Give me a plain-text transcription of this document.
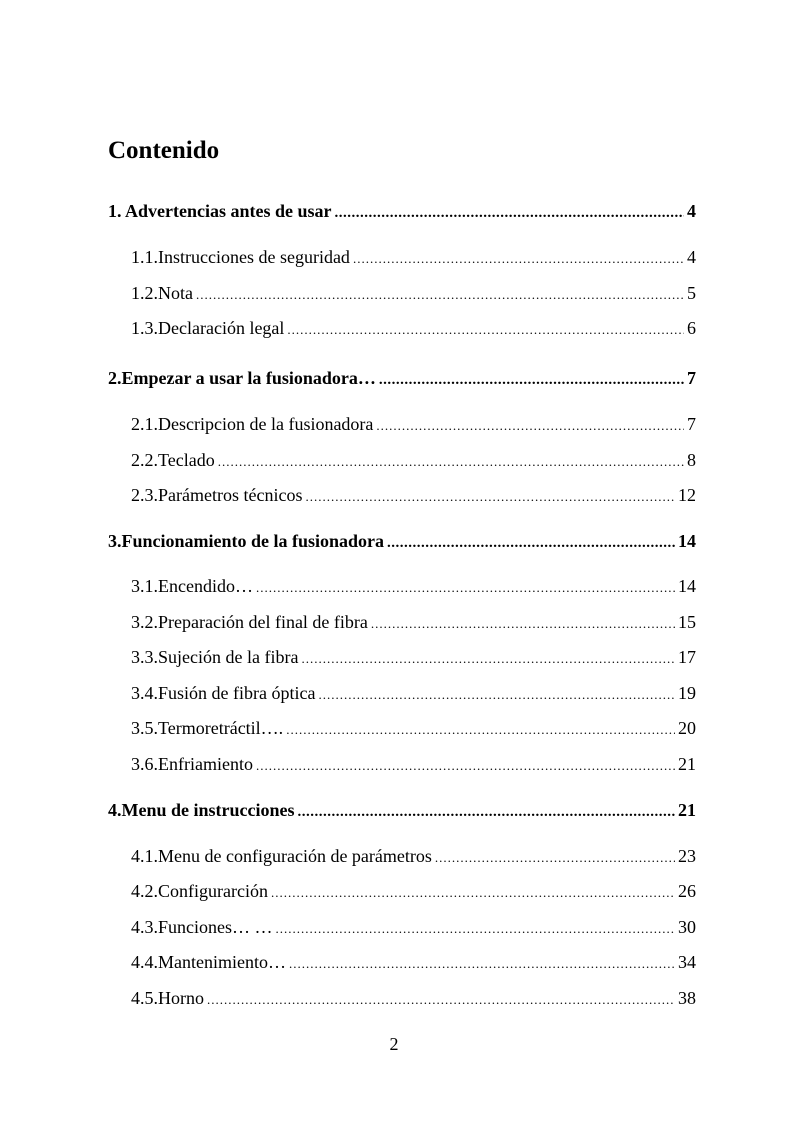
Contenido
1. Advertencias antes de usar .....	4
1.1.Instrucciones de seguridad .....	4
1.2.Nota .....	5
1.3.Declaración legal .....	6
2.Empezar a usar la fusionadora… .....	7
2.1.Descripcion de la fusionadora .....	7
2.2.Teclado .....	8
2.3.Parámetros técnicos .....	12
3.Funcionamiento de la fusionadora .....	14
3.1.Encendido… .....	14
3.2.Preparación del final de fibra .....	15
3.3.Sujeción de la fibra .....	17
3.4.Fusión de fibra óptica .....	19
3.5.Termoretráctil…. .....	20
3.6.Enfriamiento .....	21
4.Menu de instrucciones .....	21
4.1.Menu de configuración de parámetros .....	23
4.2.Configurarción .....	26
4.3.Funciones… … .....	30
4.4.Mantenimiento… .....	34
4.5.Horno .....	38
2
